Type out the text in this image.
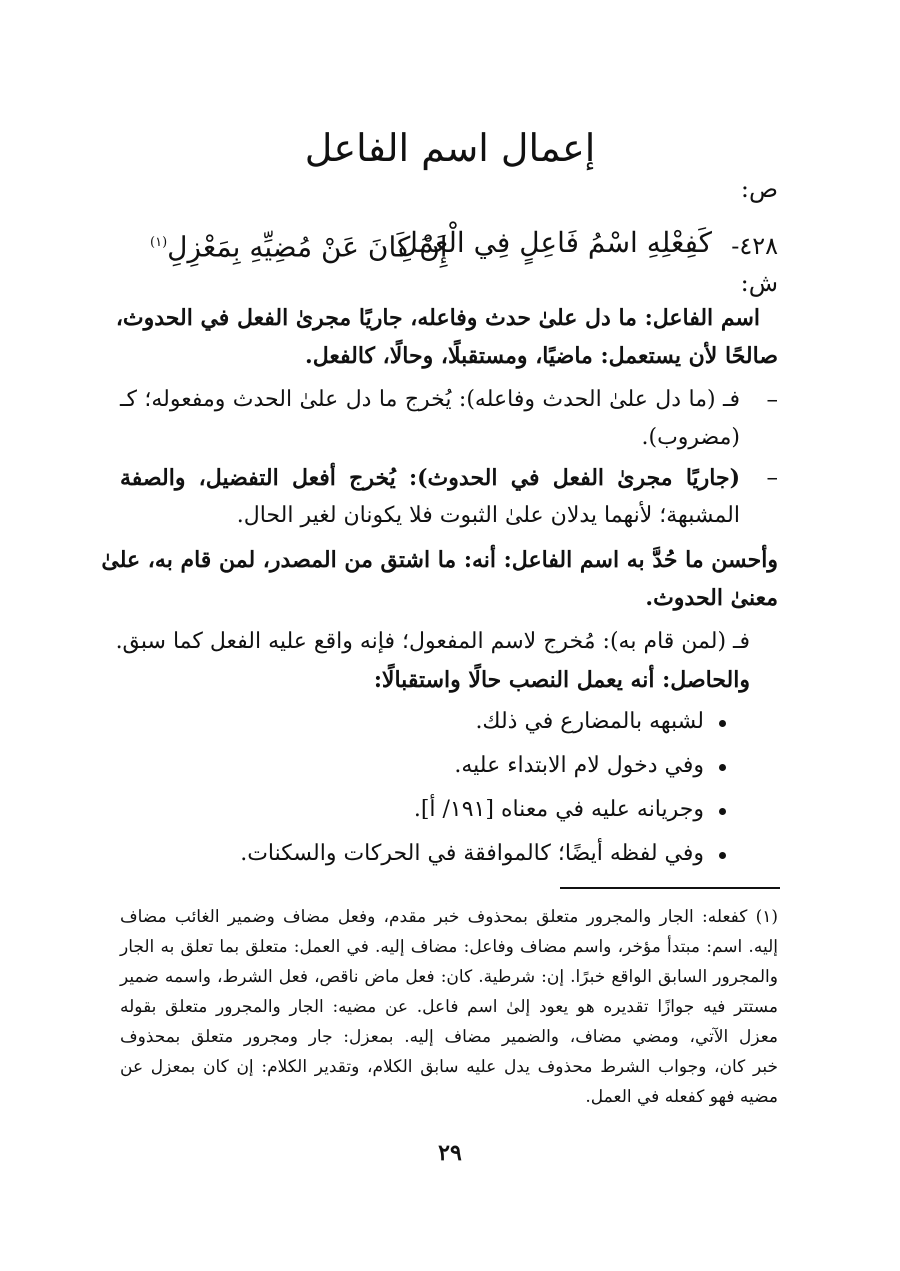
إعمال اسم الفاعل
ص:
٤٢٨-
كَفِعْلِهِ اسْمُ فَاعِلٍ فِي الْعَمَلِ
إِنْ كَانَ عَنْ مُضِيِّهِ بِمَعْزِلِ$^{(١)}$
ش:
اسم الفاعل: ما دل علىٰ حدث وفاعله، جاريًا مجرىٰ الفعل في الحدوث،
صالحًا لأن يستعمل: ماضيًا، ومستقبلًا، وحالًا، كالفعل.
–
فـ (ما دل علىٰ الحدث وفاعله): يُخرج ما دل علىٰ الحدث ومفعوله؛ كـ
(مضروب).
–
(جاريًا مجرىٰ الفعل في الحدوث): يُخرج أفعل التفضيل، والصفة
المشبهة؛ لأنهما يدلان علىٰ الثبوت فلا يكونان لغير الحال.
وأحسن ما حُدَّ به اسم الفاعل: أنه: ما اشتق من المصدر، لمن قام به، علىٰ
معنىٰ الحدوث.
فـ (لمن قام به): مُخرج لاسم المفعول؛ فإنه واقع عليه الفعل كما سبق.
والحاصل: أنه يعمل النصب حالًا واستقبالًا:
لشبهه بالمضارع في ذلك.
وفي دخول لام الابتداء عليه.
وجريانه عليه في معناه [١٩١/ أ].
وفي لفظه أيضًا؛ كالموافقة في الحركات والسكنات.
(١) كفعله: الجار والمجرور متعلق بمحذوف خبر مقدم، وفعل مضاف وضمير الغائب مضاف
إليه. اسم: مبتدأ مؤخر، واسم مضاف وفاعل: مضاف إليه. في العمل: متعلق بما تعلق به الجار
والمجرور السابق الواقع خبرًا. إن: شرطية. كان: فعل ماض ناقص، فعل الشرط، واسمه ضمير
مستتر فيه جوازًا تقديره هو يعود إلىٰ اسم فاعل. عن مضيه: الجار والمجرور متعلق بقوله
معزل الآتي، ومضي مضاف، والضمير مضاف إليه. بمعزل: جار ومجرور متعلق بمحذوف
خبر كان، وجواب الشرط محذوف يدل عليه سابق الكلام، وتقدير الكلام: إن كان بمعزل عن
مضيه فهو كفعله في العمل.
٢٩
